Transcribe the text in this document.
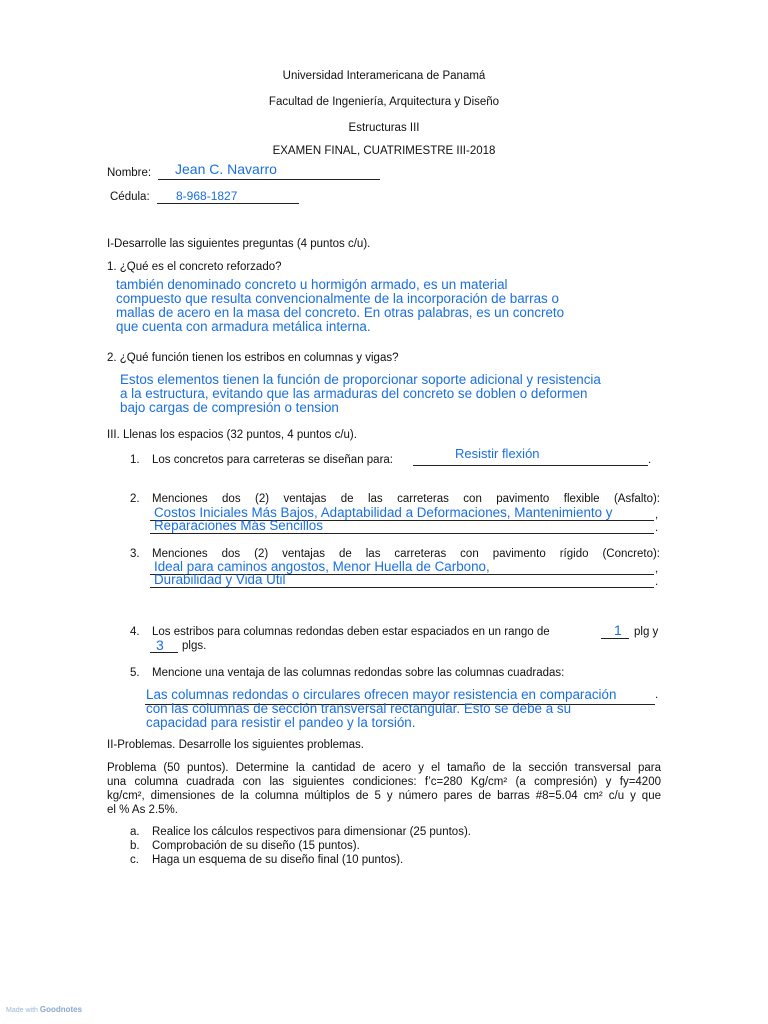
Universidad Interamericana de Panamá
Facultad de Ingeniería, Arquitectura y Diseño
Estructuras III
EXAMEN FINAL, CUATRIMESTRE III-2018
Nombre: Jean C. Navarro
Cédula: 8-968-1827
I-Desarrolle las siguientes preguntas (4 puntos c/u).
1. ¿Qué es el concreto reforzado?
también denominado concreto u hormigón armado, es un material
compuesto que resulta convencionalmente de la incorporación de barras o
mallas de acero en la masa del concreto. En otras palabras, es un concreto
que cuenta con armadura metálica interna.
2. ¿Qué función tienen los estribos en columnas y vigas?
Estos elementos tienen la función de proporcionar soporte adicional y resistencia
a la estructura, evitando que las armaduras del concreto se doblen o deformen
bajo cargas de compresión o tension
III. Llenas los espacios (32 puntos, 4 puntos c/u).
1. Los concretos para carreteras se diseñan para:	.
Resistir flexión
2. Menciones dos (2) ventajas de las carreteras con pavimento flexible (Asfalto):
,
.
Costos Iniciales Más Bajos, Adaptabilidad a Deformaciones, Mantenimiento y
Reparaciones Más Sencillos
3. Menciones dos (2) ventajas de las carreteras con pavimento rígido (Concreto):
,
.
Ideal para caminos angostos, Menor Huella de Carbono,
Durabilidad y Vida Util
4. Los estribos para columnas redondas deben estar espaciados en un rango de	1 plg y
3 plgs.
5. Mencione una ventaja de las columnas redondas sobre las columnas cuadradas:
.
Las columnas redondas o circulares ofrecen mayor resistencia en comparación
con las columnas de sección transversal rectangular. Esto se debe a su
capacidad para resistir el pandeo y la torsión.
II-Problemas. Desarrolle los siguientes problemas.
Problema (50 puntos). Determine la cantidad de acero y el tamaño de la sección transversal para
una columna cuadrada con las siguientes condiciones: f’c=280 Kg/cm² (a compresión) y fy=4200
kg/cm², dimensiones de la columna múltiplos de 5 y número pares de barras #8=5.04 cm² c/u y que
el % As 2.5%.
a. Realice los cálculos respectivos para dimensionar (25 puntos).
b. Comprobación de su diseño (15 puntos).
c. Haga un esquema de su diseño final (10 puntos).
Made with Goodnotes
